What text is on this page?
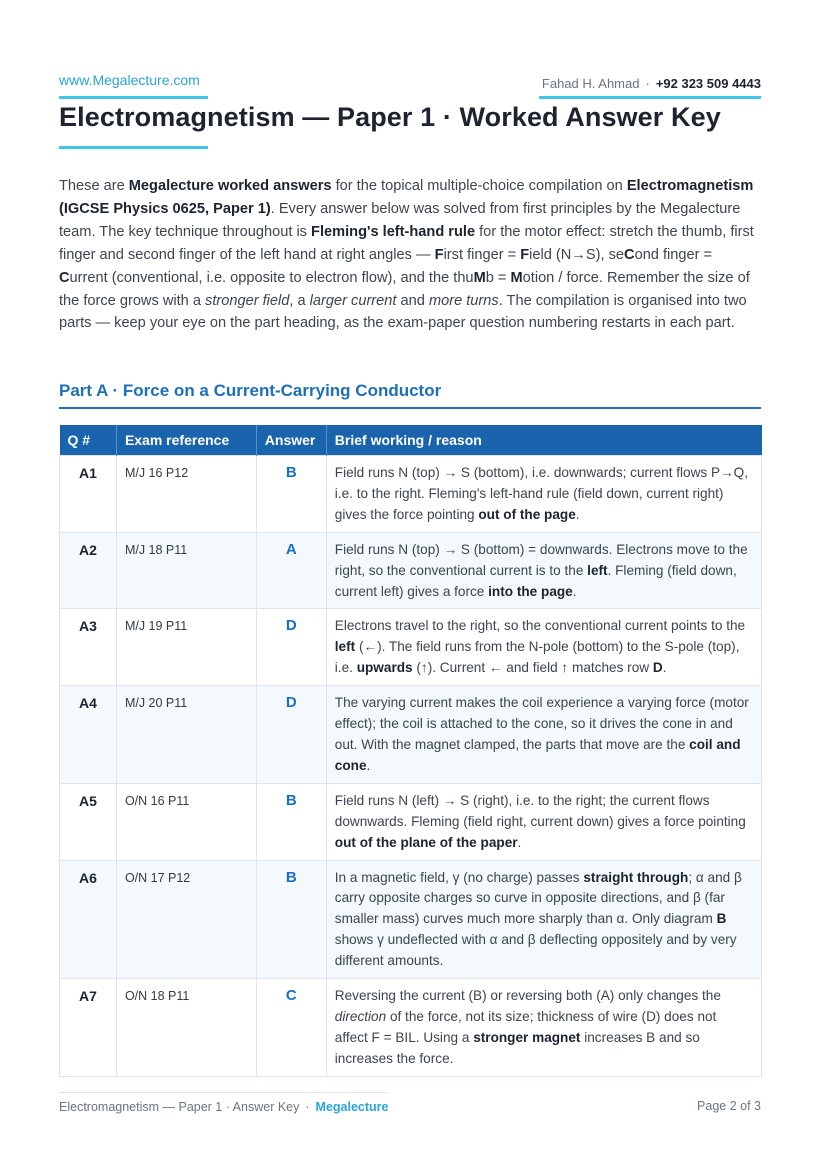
www.Megalecture.com	Fahad H. Ahmad · +92 323 509 4443
Electromagnetism — Paper 1 · Worked Answer Key

These are Megalecture worked answers for the topical multiple-choice compilation on Electromagnetism (IGCSE Physics 0625, Paper 1). Every answer below was solved from first principles by the Megalecture team. The key technique throughout is Fleming's left-hand rule for the motor effect: stretch the thumb, first finger and second finger of the left hand at right angles — First finger = Field (N→S), seCond finger = Current (conventional, i.e. opposite to electron flow), and the thuMb = Motion / force. Remember the size of the force grows with a stronger field, a larger current and more turns. The compilation is organised into two parts — keep your eye on the part heading, as the exam-paper question numbering restarts in each part.

Part A · Force on a Current-Carrying Conductor
Q #	Exam reference	Answer	Brief working / reason
A1	M/J 16 P12	B	Field runs N (top) → S (bottom), i.e. downwards; current flows P→Q, i.e. to the right. Fleming's left-hand rule (field down, current right) gives the force pointing out of the page.
A2	M/J 18 P11	A	Field runs N (top) → S (bottom) = downwards. Electrons move to the right, so the conventional current is to the left. Fleming (field down, current left) gives a force into the page.
A3	M/J 19 P11	D	Electrons travel to the right, so the conventional current points to the left (←). The field runs from the N-pole (bottom) to the S-pole (top), i.e. upwards (↑). Current ← and field ↑ matches row D.
A4	M/J 20 P11	D	The varying current makes the coil experience a varying force (motor effect); the coil is attached to the cone, so it drives the cone in and out. With the magnet clamped, the parts that move are the coil and cone.
A5	O/N 16 P11	B	Field runs N (left) → S (right), i.e. to the right; the current flows downwards. Fleming (field right, current down) gives a force pointing out of the plane of the paper.
A6	O/N 17 P12	B	In a magnetic field, γ (no charge) passes straight through; α and β carry opposite charges so curve in opposite directions, and β (far smaller mass) curves much more sharply than α. Only diagram B shows γ undeflected with α and β deflecting oppositely and by very different amounts.
A7	O/N 18 P11	C	Reversing the current (B) or reversing both (A) only changes the direction of the force, not its size; thickness of wire (D) does not affect F = BIL. Using a stronger magnet increases B and so increases the force.
Electromagnetism — Paper 1 · Answer Key · Megalecture	Page 2 of 3
